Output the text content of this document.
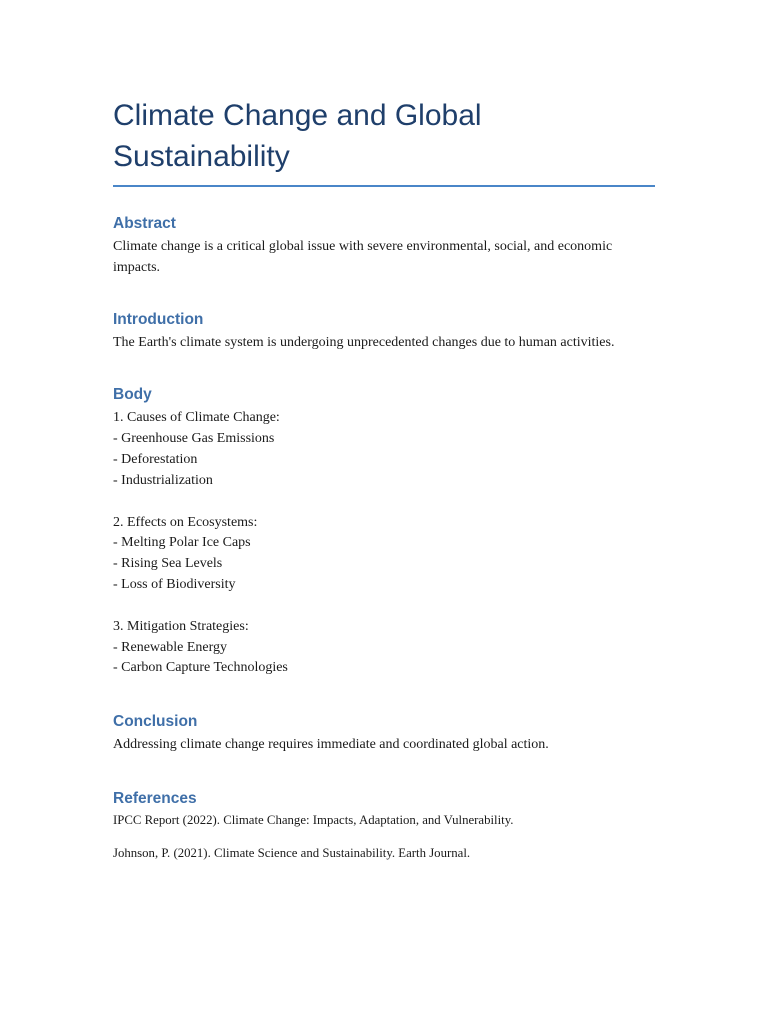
Climate Change and Global Sustainability
Abstract

Climate change is a critical global issue with severe environmental, social, and economic impacts.

Introduction

The Earth's climate system is undergoing unprecedented changes due to human activities.

Body
1. Causes of Climate Change:
- Greenhouse Gas Emissions
- Deforestation
- Industrialization
2. Effects on Ecosystems:
- Melting Polar Ice Caps
- Rising Sea Levels
- Loss of Biodiversity
3. Mitigation Strategies:
- Renewable Energy
- Carbon Capture Technologies
Conclusion

Addressing climate change requires immediate and coordinated global action.

References

IPCC Report (2022). Climate Change: Impacts, Adaptation, and Vulnerability.

Johnson, P. (2021). Climate Science and Sustainability. Earth Journal.
